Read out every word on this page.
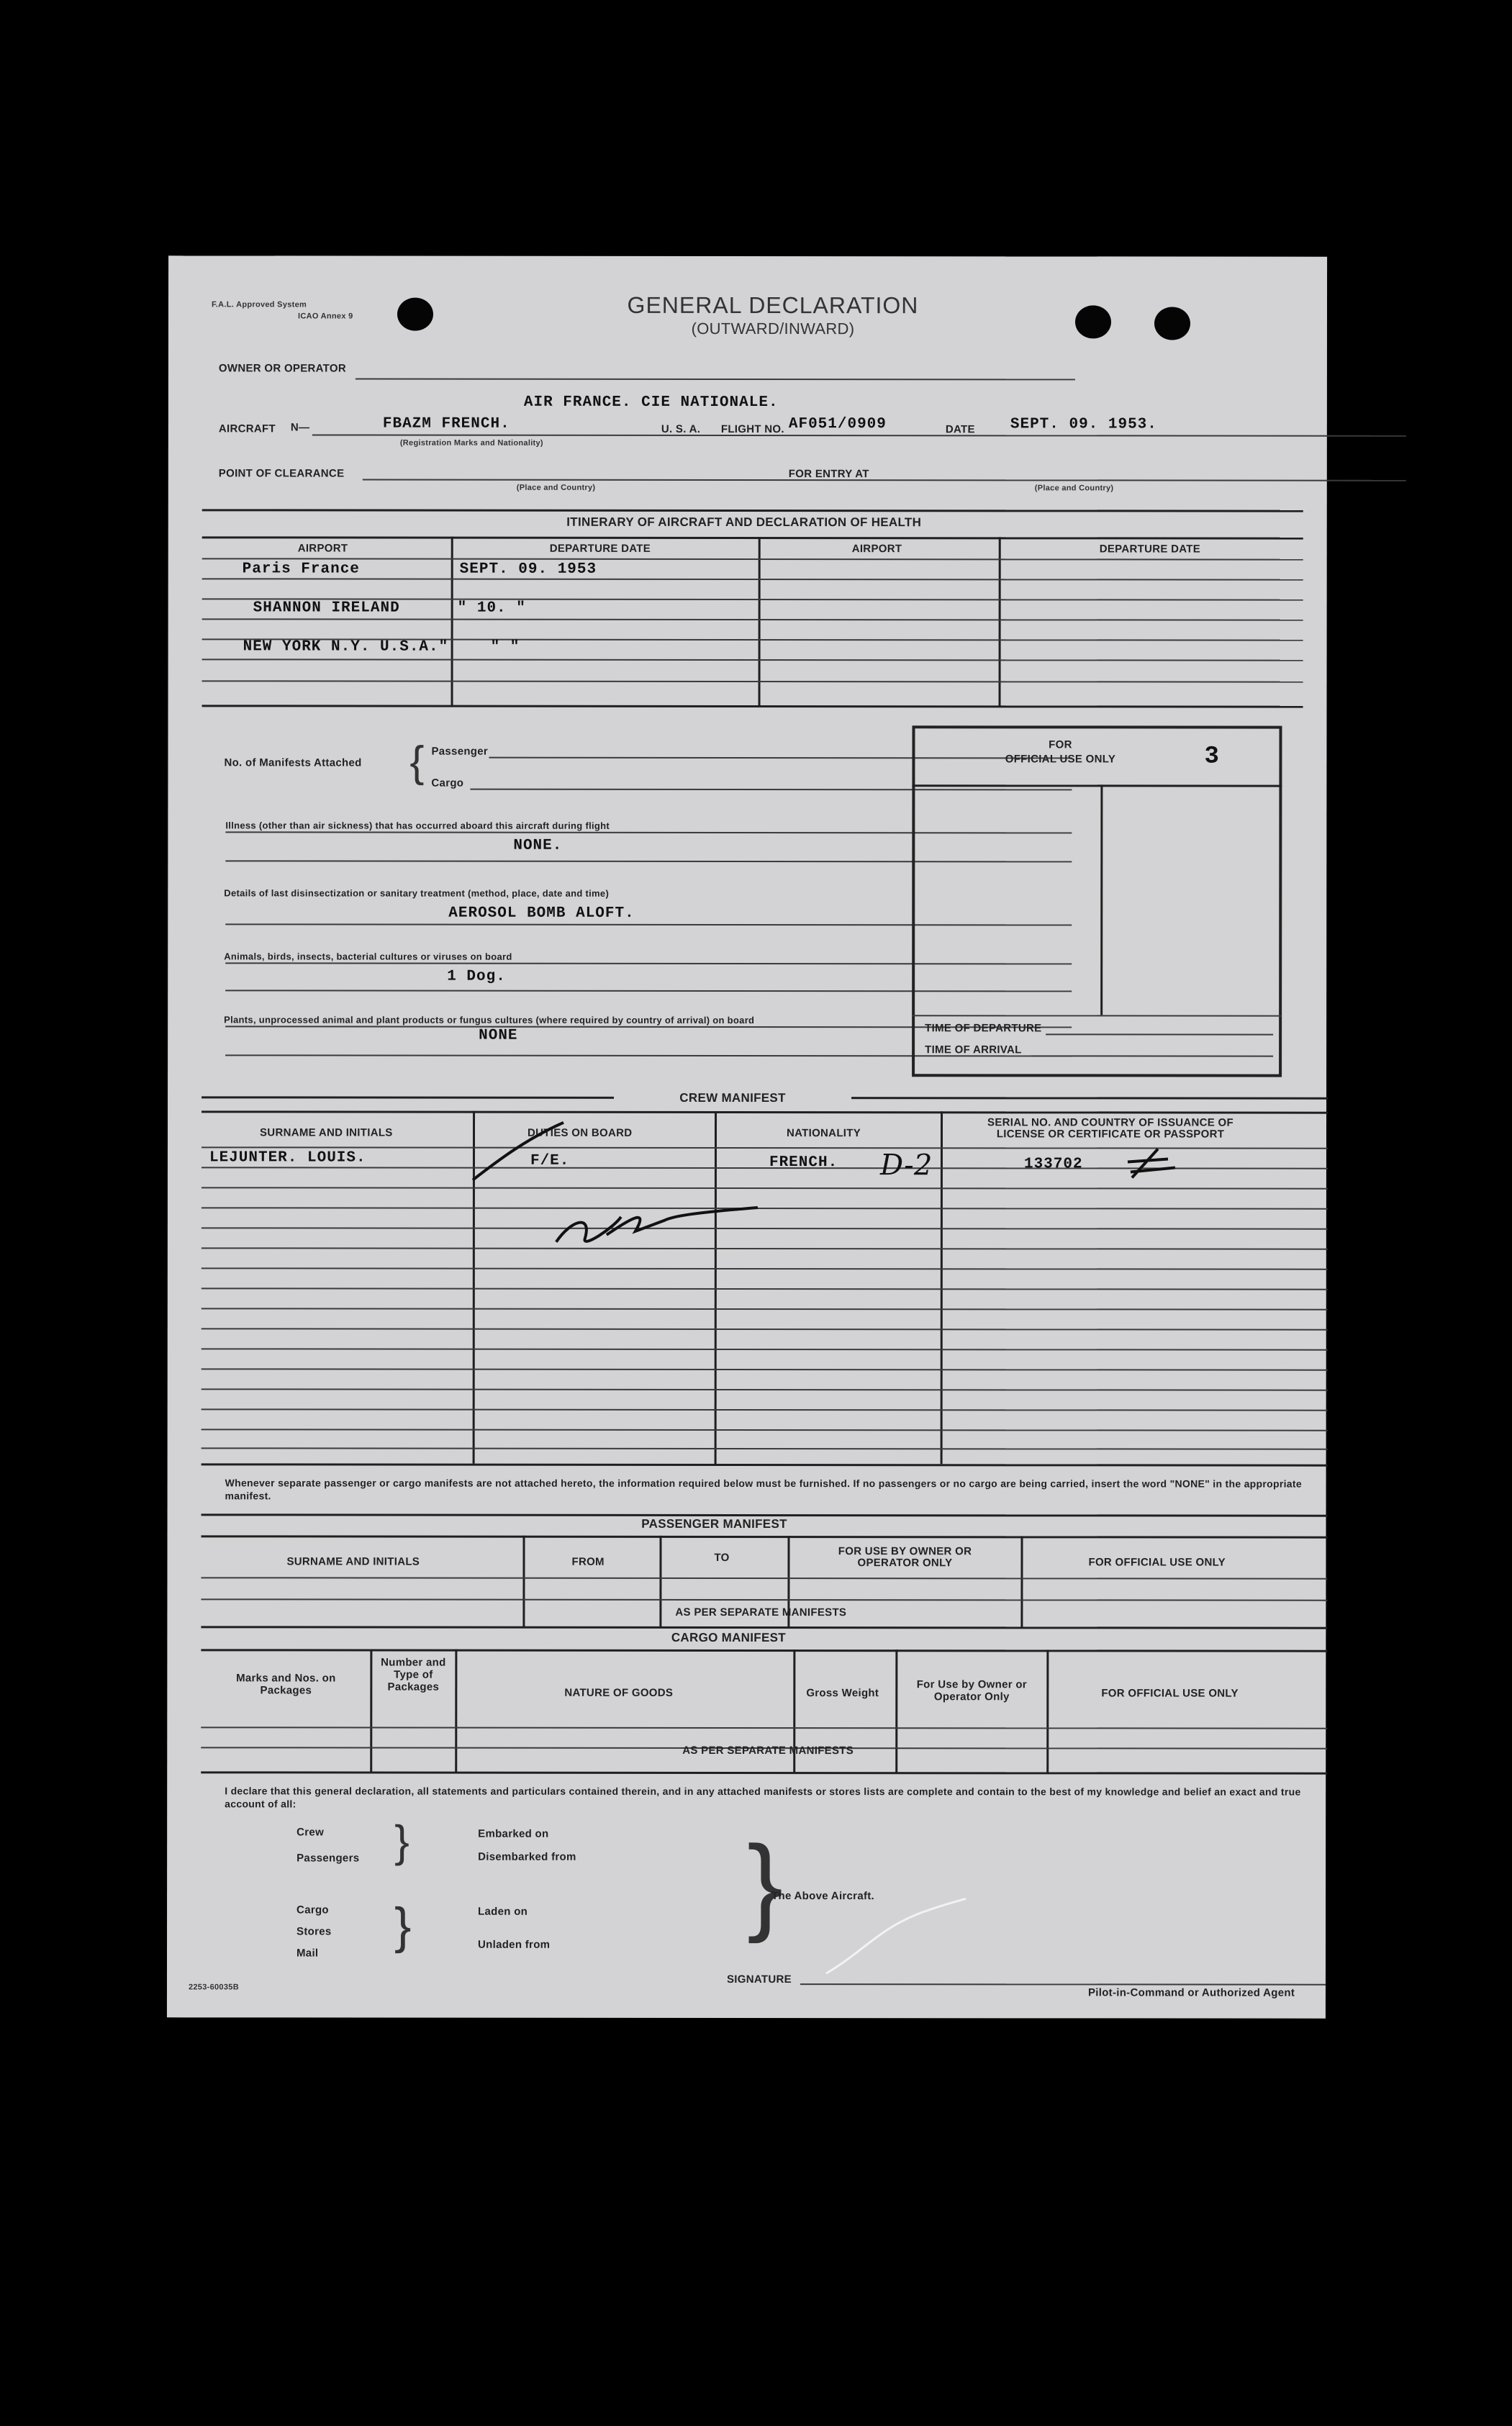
F.A.L. Approved System
ICAO Annex 9	GENERAL DECLARATION
(OUTWARD/INWARD)
OWNER OR OPERATOR
AIR FRANCE. CIE NATIONALE.
AIRCRAFT N—	FBAZM FRENCH.
(Registration Marks and Nationality)
U. S. A. FLIGHT NO. AF051/0909	DATE SEPT. 09. 1953.
POINT OF CLEARANCE
(Place and Country)
FOR ENTRY AT
(Place and Country)
ITINERARY OF AIRCRAFT AND DECLARATION OF HEALTH
AIRPORT	DEPARTURE DATE	AIRPORT	DEPARTURE DATE
Paris France	SEPT. 09. 1953
SHANNON IRELAND	" 10. "
NEW YORK N.Y. U.S.A."	" "
No. of Manifests Attached { Passenger
Cargo
Illness (other than air sickness) that has occurred aboard this aircraft during flight
NONE.
Details of last disinsectization or sanitary treatment (method, place, date and time)
AEROSOL BOMB ALOFT.
Animals, birds, insects, bacterial cultures or viruses on board
1 Dog.
Plants, unprocessed animal and plant products or fungus cultures (where required by country of arrival) on board
NONE
FOR
OFFICIAL USE ONLY	3
TIME OF DEPARTURE
TIME OF ARRIVAL
CREW MANIFEST
SURNAME AND INITIALS	DUTIES ON BOARD	NATIONALITY
SERIAL NO. AND COUNTRY OF ISSUANCE OF LICENSE OR CERTIFICATE OR PASSPORT
LEJUNTER. LOUIS.	F/E.	FRENCH. D-2	133702
Whenever separate passenger or cargo manifests are not attached hereto, the information required below must be furnished. If no passengers or no cargo are being carried, insert the word "NONE" in the appropriate manifest.
PASSENGER MANIFEST
SURNAME AND INITIALS	FROM	TO
FOR USE BY OWNER OR OPERATOR ONLY	FOR OFFICIAL USE ONLY
AS PER SEPARATE MANIFESTS
CARGO MANIFEST
Marks and Nos. on Packages
Number and Type of Packages	NATURE OF GOODS	Gross Weight
For Use by Owner or Operator Only	FOR OFFICIAL USE ONLY
AS PER SEPARATE MANIFESTS
I declare that this general declaration, all statements and particulars contained therein, and in any attached manifests or stores lists are complete and contain to the best of my knowledge and belief an exact and true account of all:
Crew
Passengers }	Embarked on
Disembarked from
Cargo
Stores
Mail }	Laden on
Unladen from
}
The Above Aircraft.
SIGNATURE
Pilot-in-Command or Authorized Agent
2253-60035B
